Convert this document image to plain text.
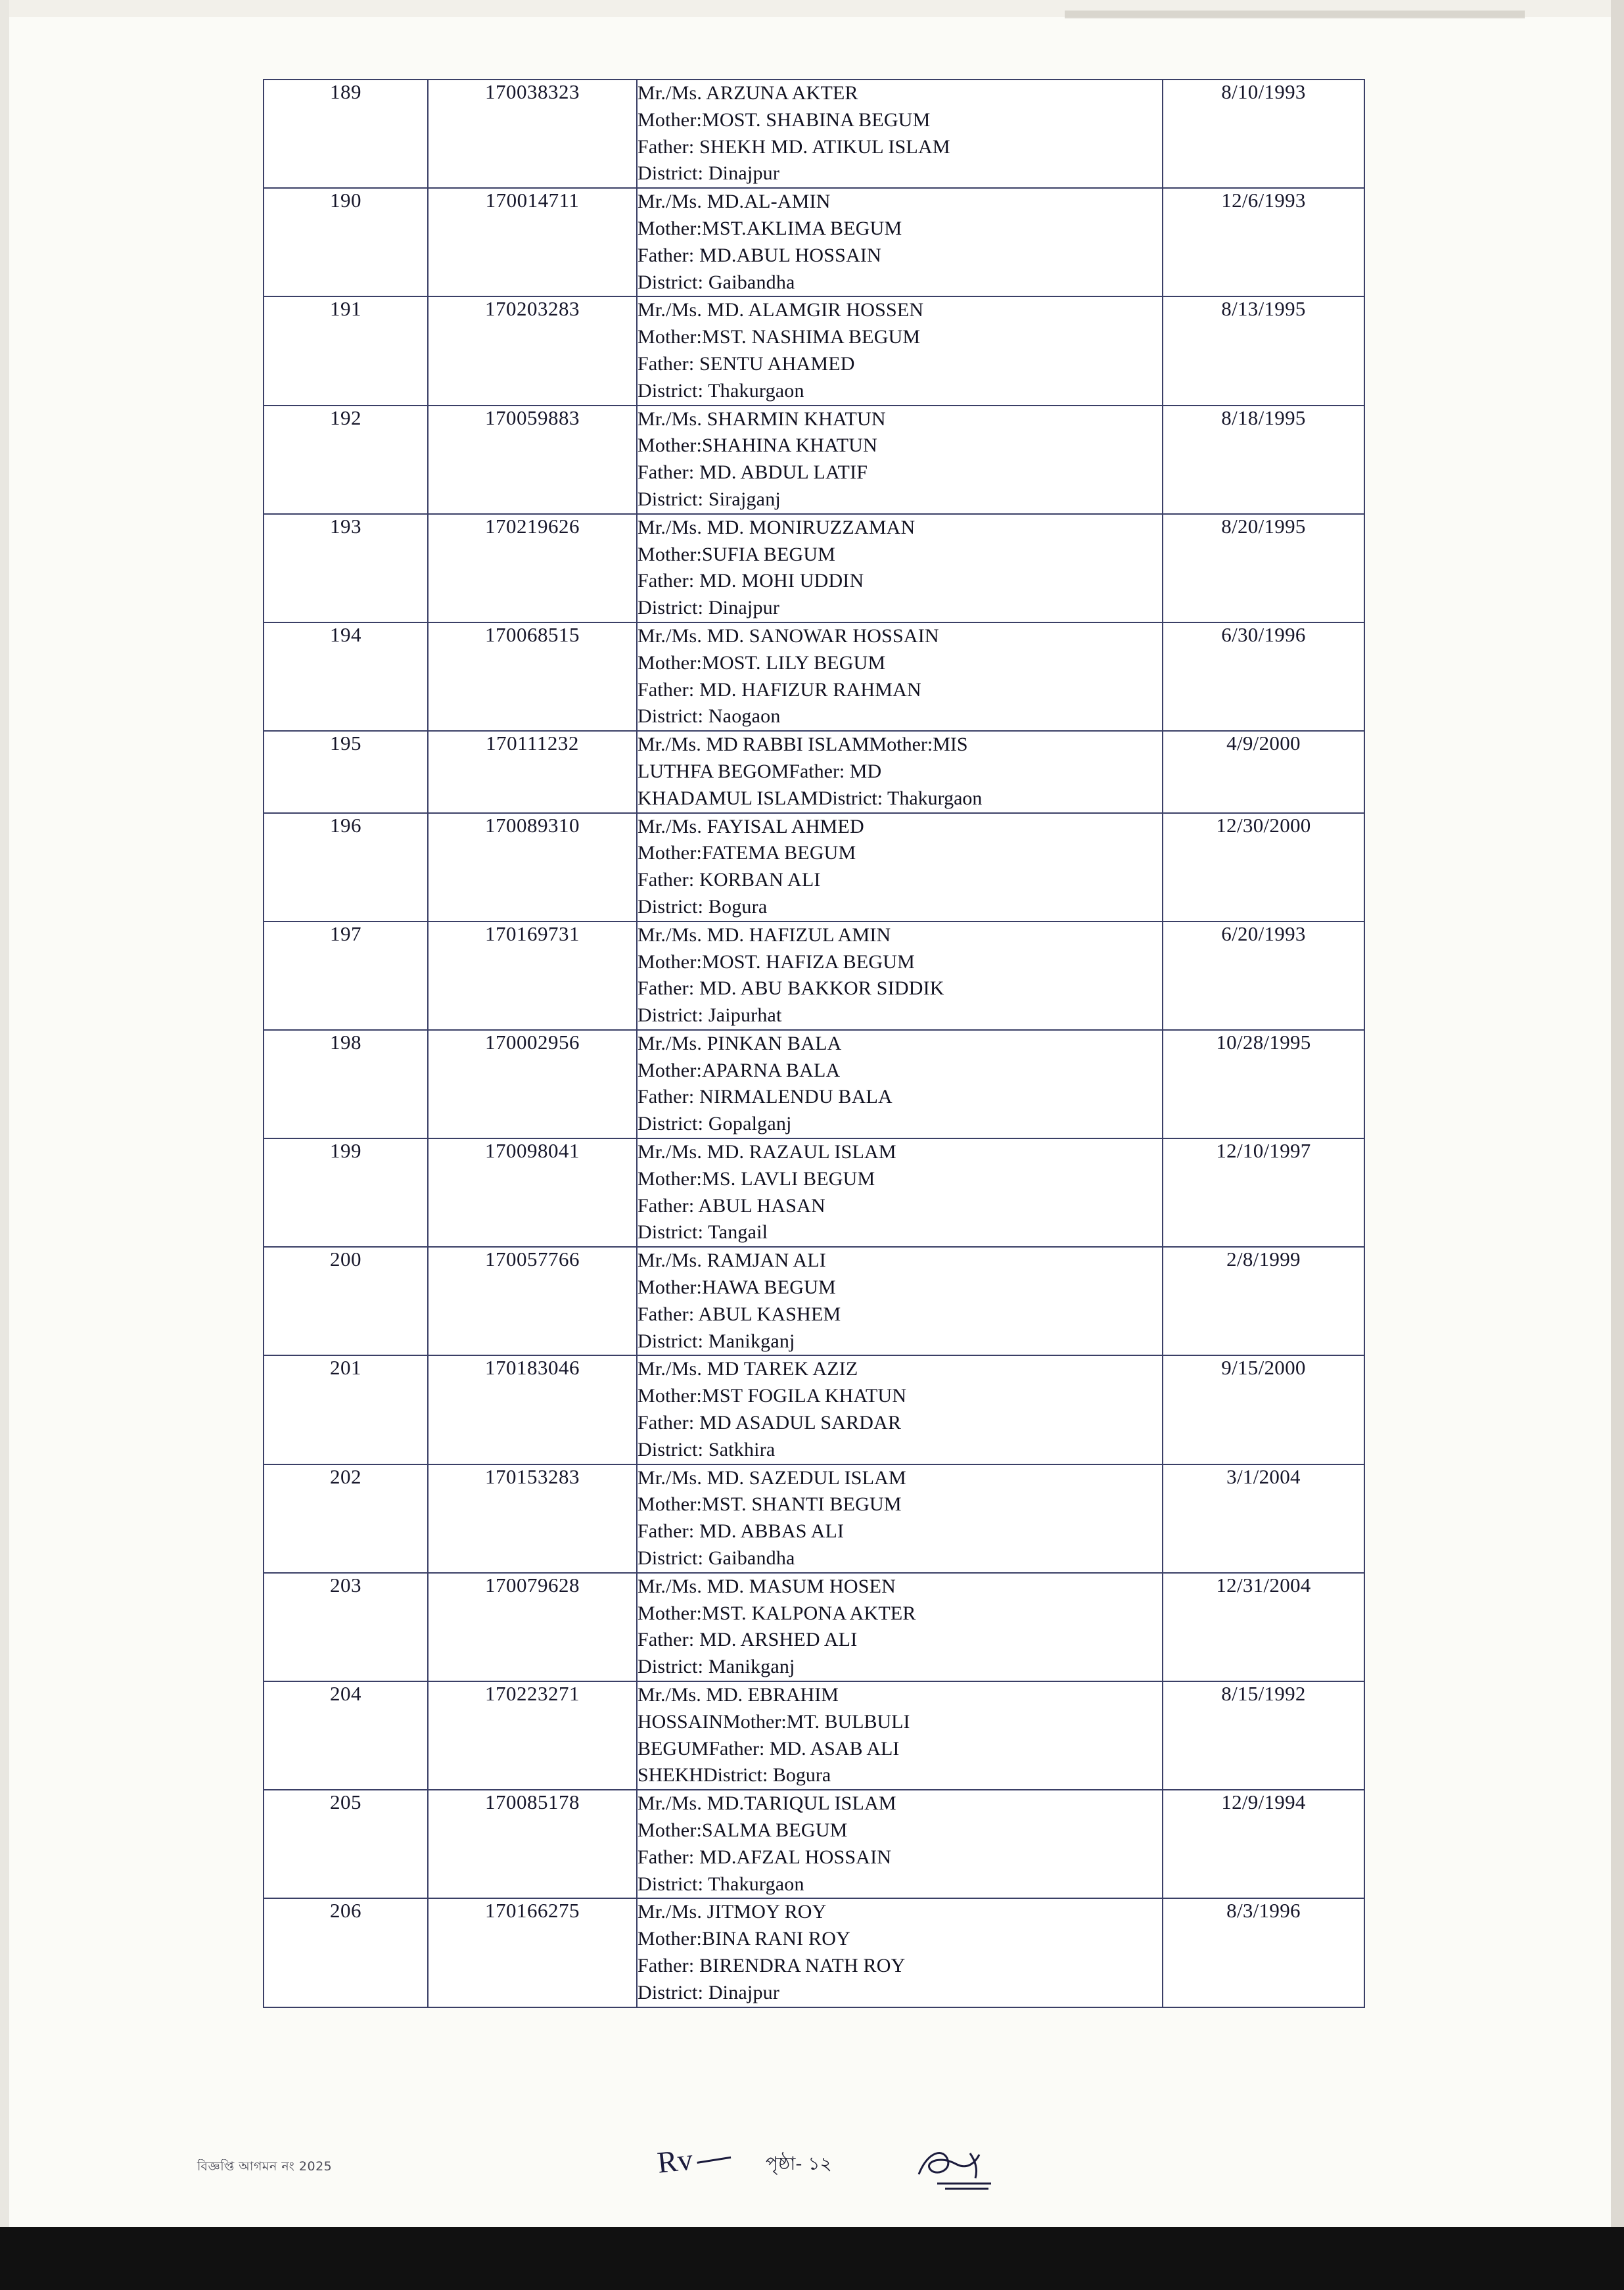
189	170038323	Mr./Ms. ARZUNA AKTER
Mother:MOST. SHABINA BEGUM
Father: SHEKH MD. ATIKUL ISLAM
District: Dinajpur	8/10/1993
190	170014711	Mr./Ms. MD.AL-AMIN
Mother:MST.AKLIMA BEGUM
Father: MD.ABUL HOSSAIN
District: Gaibandha	12/6/1993
191	170203283	Mr./Ms. MD. ALAMGIR HOSSEN
Mother:MST. NASHIMA BEGUM
Father: SENTU AHAMED
District: Thakurgaon	8/13/1995
192	170059883	Mr./Ms. SHARMIN KHATUN
Mother:SHAHINA KHATUN
Father: MD. ABDUL LATIF
District: Sirajganj	8/18/1995
193	170219626	Mr./Ms. MD. MONIRUZZAMAN
Mother:SUFIA BEGUM
Father: MD. MOHI UDDIN
District: Dinajpur	8/20/1995
194	170068515	Mr./Ms. MD. SANOWAR HOSSAIN
Mother:MOST. LILY BEGUM
Father: MD. HAFIZUR RAHMAN
District: Naogaon	6/30/1996
195	170111232	Mr./Ms. MD RABBI ISLAMMother:MIS
LUTHFA BEGOMFather: MD
KHADAMUL ISLAMDistrict: Thakurgaon	4/9/2000
196	170089310	Mr./Ms. FAYISAL AHMED
Mother:FATEMA BEGUM
Father: KORBAN ALI
District: Bogura	12/30/2000
197	170169731	Mr./Ms. MD. HAFIZUL AMIN
Mother:MOST. HAFIZA BEGUM
Father: MD. ABU BAKKOR SIDDIK
District: Jaipurhat	6/20/1993
198	170002956	Mr./Ms. PINKAN BALA
Mother:APARNA BALA
Father: NIRMALENDU BALA
District: Gopalganj	10/28/1995
199	170098041	Mr./Ms. MD. RAZAUL ISLAM
Mother:MS. LAVLI BEGUM
Father: ABUL HASAN
District: Tangail	12/10/1997
200	170057766	Mr./Ms. RAMJAN ALI
Mother:HAWA BEGUM
Father: ABUL KASHEM
District: Manikganj	2/8/1999
201	170183046	Mr./Ms. MD TAREK AZIZ
Mother:MST FOGILA KHATUN
Father: MD ASADUL SARDAR
District: Satkhira	9/15/2000
202	170153283	Mr./Ms. MD. SAZEDUL ISLAM
Mother:MST. SHANTI BEGUM
Father: MD. ABBAS ALI
District: Gaibandha	3/1/2004
203	170079628	Mr./Ms. MD. MASUM HOSEN
Mother:MST. KALPONA AKTER
Father: MD. ARSHED ALI
District: Manikganj	12/31/2004
204	170223271	Mr./Ms. MD. EBRAHIM
HOSSAINMother:MT. BULBULI
BEGUMFather: MD. ASAB ALI
SHEKHDistrict: Bogura	8/15/1992
205	170085178	Mr./Ms. MD.TARIQUL ISLAM
Mother:SALMA BEGUM
Father: MD.AFZAL HOSSAIN
District: Thakurgaon	12/9/1994
206	170166275	Mr./Ms. JITMOY ROY
Mother:BINA RANI ROY
Father: BIRENDRA NATH ROY
District: Dinajpur	8/3/1996
বিজ্ঞপ্তি আগমন নং 2025	Rv	পৃষ্ঠা- ১২
